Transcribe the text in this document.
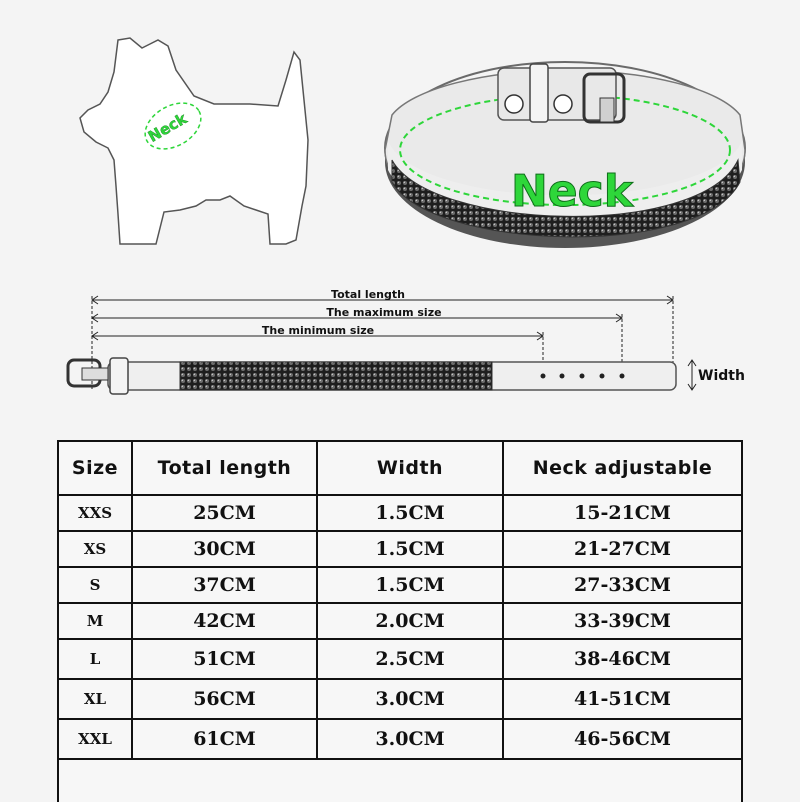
Neck
Neck
Total length
The maximum size
The minimum size
Width
Size	Total length	Width	Neck adjustable
XXS	25CM	1.5CM	15-21CM
XS	30CM	1.5CM	21-27CM
S	37CM	1.5CM	27-33CM
M	42CM	2.0CM	33-39CM
L	51CM	2.5CM	38-46CM
XL	56CM	3.0CM	41-51CM
XXL	61CM	3.0CM	46-56CM
